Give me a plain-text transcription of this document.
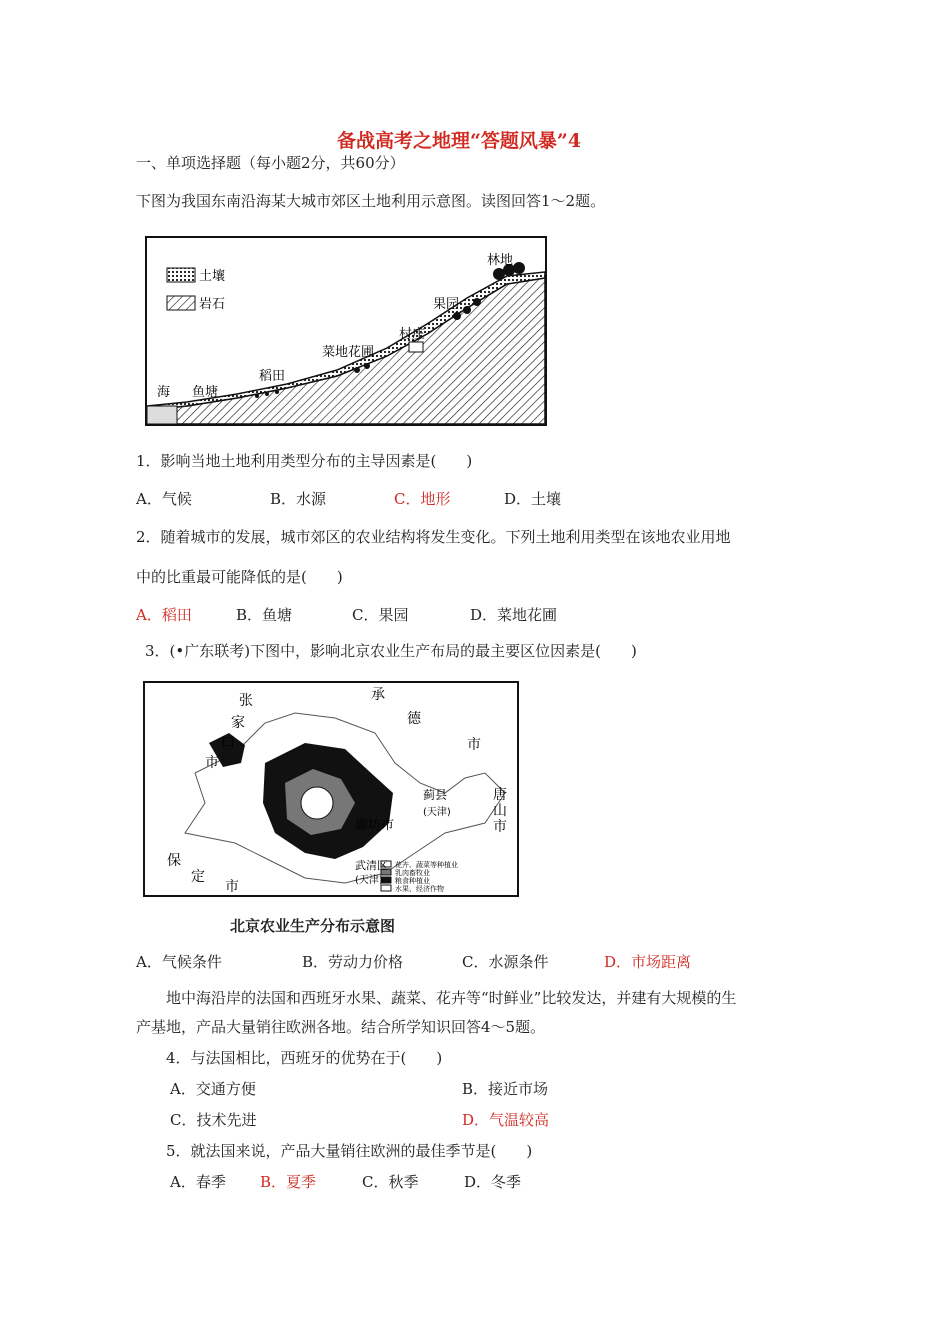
备战高考之地理“答题风暴”4
一、单项选择题（每小题2分，共60分）
下图为我国东南沿海某大城市郊区土地利用示意图。读图回答1～2题。
土壤
岩石
林地
果园
村庄
菜地花圃
稻田
鱼塘
海
1．影响当地土地利用类型分布的主导因素是(　　)
A．气候	B．水源	C．地形	D．土壤
2．随着城市的发展，城市郊区的农业结构将发生变化。下列土地利用类型在该地农业用地
中的比重最可能降低的是(　　)
A．稻田	B．鱼塘	C．果园	D．菜地花圃
3．(•广东联考)下图中，影响北京农业生产布局的最主要区位因素是(　　)
张
家
口
市
承
德
市
唐
山
市
蓟县
(天津)
廊坊市
保
定
市
武清区
(天津)
花卉、蔬菜等种植业
乳肉畜牧业
粮食种植业
水果、经济作物
北京农业生产分布示意图
A．气候条件	B．劳动力价格	C．水源条件	D．市场距离
地中海沿岸的法国和西班牙水果、蔬菜、花卉等“时鲜业”比较发达，并建有大规模的生
产基地，产品大量销往欧洲各地。结合所学知识回答4～5题。
4．与法国相比，西班牙的优势在于(　　)
A．交通方便	B．接近市场
C．技术先进	D．气温较高
5．就法国来说，产品大量销往欧洲的最佳季节是(　　)
A．春季 B．夏季	C．秋季	D．冬季
